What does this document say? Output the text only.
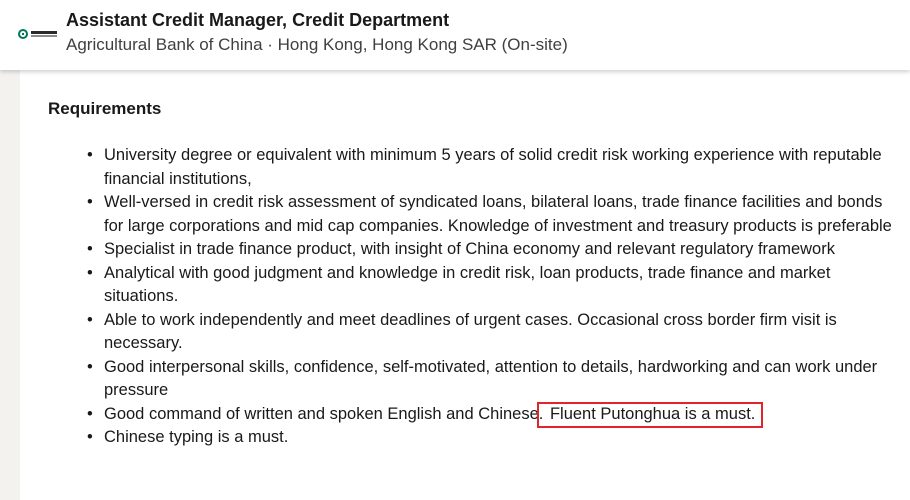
Assistant Credit Manager, Credit Department
Agricultural Bank of China · Hong Kong, Hong Kong SAR (On-site)
Requirements
• University degree or equivalent with minimum 5 years of solid credit risk working experience with reputable financial institutions,
• Well-versed in credit risk assessment of syndicated loans, bilateral loans, trade finance facilities and bonds for large corporations and mid cap companies. Knowledge of investment and treasury products is preferable
• Specialist in trade finance product, with insight of China economy and relevant regulatory framework
• Analytical with good judgment and knowledge in credit risk, loan products, trade finance and market situations.
• Able to work independently and meet deadlines of urgent cases. Occasional cross border firm visit is necessary.
• Good interpersonal skills, confidence, self-motivated, attention to details, hardworking and can work under pressure
• Good command of written and spoken English and Chinese. Fluent Putonghua is a must.
• Chinese typing is a must.
